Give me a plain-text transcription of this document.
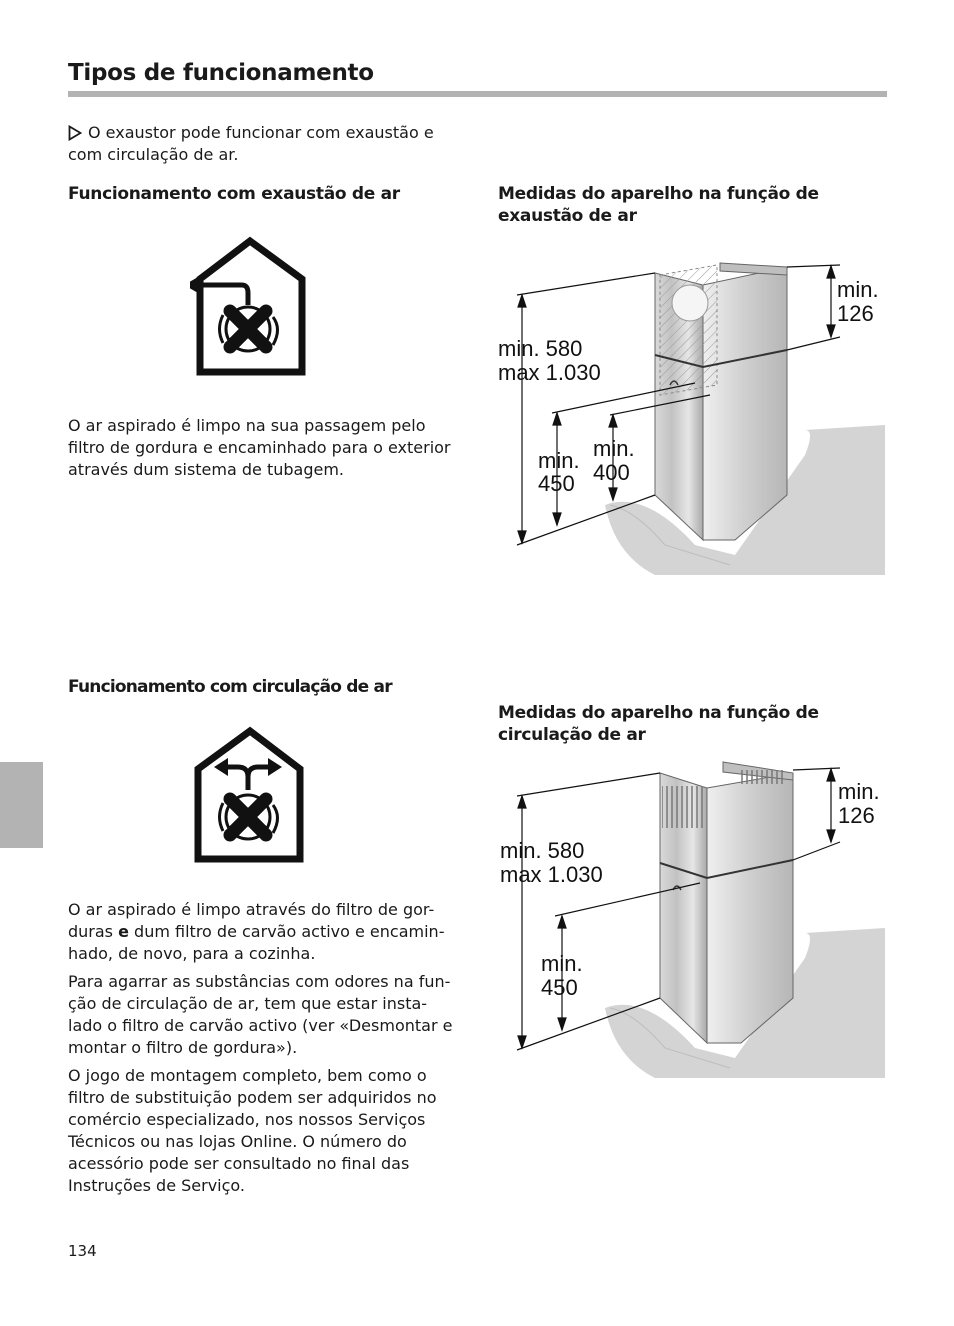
Tipos de funcionamento
O exaustor pode funcionar com exaustão e com circulação de ar.
Funcionamento com exaustão de ar
O ar aspirado é limpo na sua passagem pelo filtro de gordura e encaminhado para o exterior através dum sistema de tubagem.
Medidas do aparelho na função de exaustão de ar
min.
126
min. 580
max 1.030
min.
450
min.
400
Funcionamento com circulação de ar

O ar aspirado é limpo através do filtro de gor-duras e dum filtro de carvão activo e encamin-hado, de novo, para a cozinha.

Para agarrar as substâncias com odores na fun-ção de circulação de ar, tem que estar insta-lado o filtro de carvão activo (ver «Desmontar e montar o filtro de gordura»).

O jogo de montagem completo, bem como o filtro de substituição podem ser adquiridos no comércio especializado, nos nossos Serviços Técnicos ou nas lojas Online. O número do acessório pode ser consultado no final das Instruções de Serviço.

Medidas do aparelho na função de circulação de ar
min.
126
min. 580
max 1.030
min.
450
134
